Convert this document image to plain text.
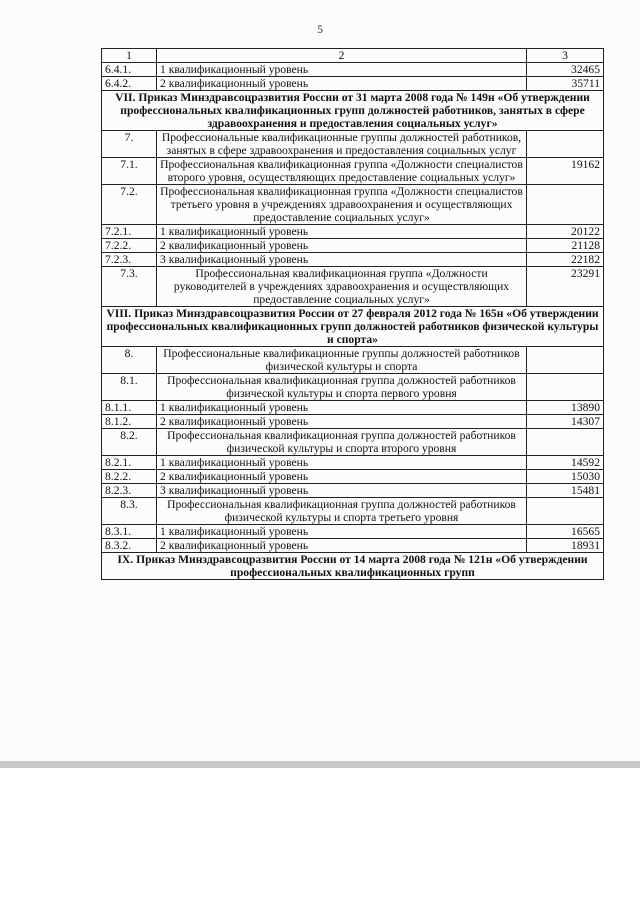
5
1	2	3
6.4.1.	1 квалификационный уровень	32465
6.4.2.	2 квалификационный уровень	35711
VII. Приказ Минздравсоцразвития России от 31 марта 2008 года № 149н «Об утверждении профессиональных квалификационных групп должностей работников, занятых в сфере здравоохранения и предоставления социальных услуг»		
7.	Профессиональные квалификационные группы должностей работников, занятых в сфере здравоохранения и предоставления социальных услуг	
7.1.	Профессиональная квалификационная группа «Должности специалистов второго уровня, осуществляющих предоставление социальных услуг»	19162
7.2.	Профессиональная квалификационная группа «Должности специалистов третьего уровня в учреждениях здравоохранения и осуществляющих предоставление социальных услуг»	
7.2.1.	1 квалификационный уровень	20122
7.2.2.	2 квалификационный уровень	21128
7.2.3.	3 квалификационный уровень	22182
7.3.	Профессиональная квалификационная группа «Должности руководителей в учреждениях здравоохранения и осуществляющих предоставление социальных услуг»	23291
VIII. Приказ Минздравсоцразвития России от 27 февраля 2012 года № 165н «Об утверждении профессиональных квалификационных групп должностей работников физической культуры и спорта»		
8.	Профессиональные квалификационные группы должностей работников физической культуры и спорта	
8.1.	Профессиональная квалификационная группа должностей работников физической культуры и спорта первого уровня	
8.1.1.	1 квалификационный уровень	13890
8.1.2.	2 квалификационный уровень	14307
8.2.	Профессиональная квалификационная группа должностей работников физической культуры и спорта второго уровня	
8.2.1.	1 квалификационный уровень	14592
8.2.2.	2 квалификационный уровень	15030
8.2.3.	3 квалификационный уровень	15481
8.3.	Профессиональная квалификационная группа должностей работников физической культуры и спорта третьего уровня	
8.3.1.	1 квалификационный уровень	16565
8.3.2.	2 квалификационный уровень	18931
IX. Приказ Минздравсоцразвития России от 14 марта 2008 года № 121н «Об утверждении профессиональных квалификационных групп		
